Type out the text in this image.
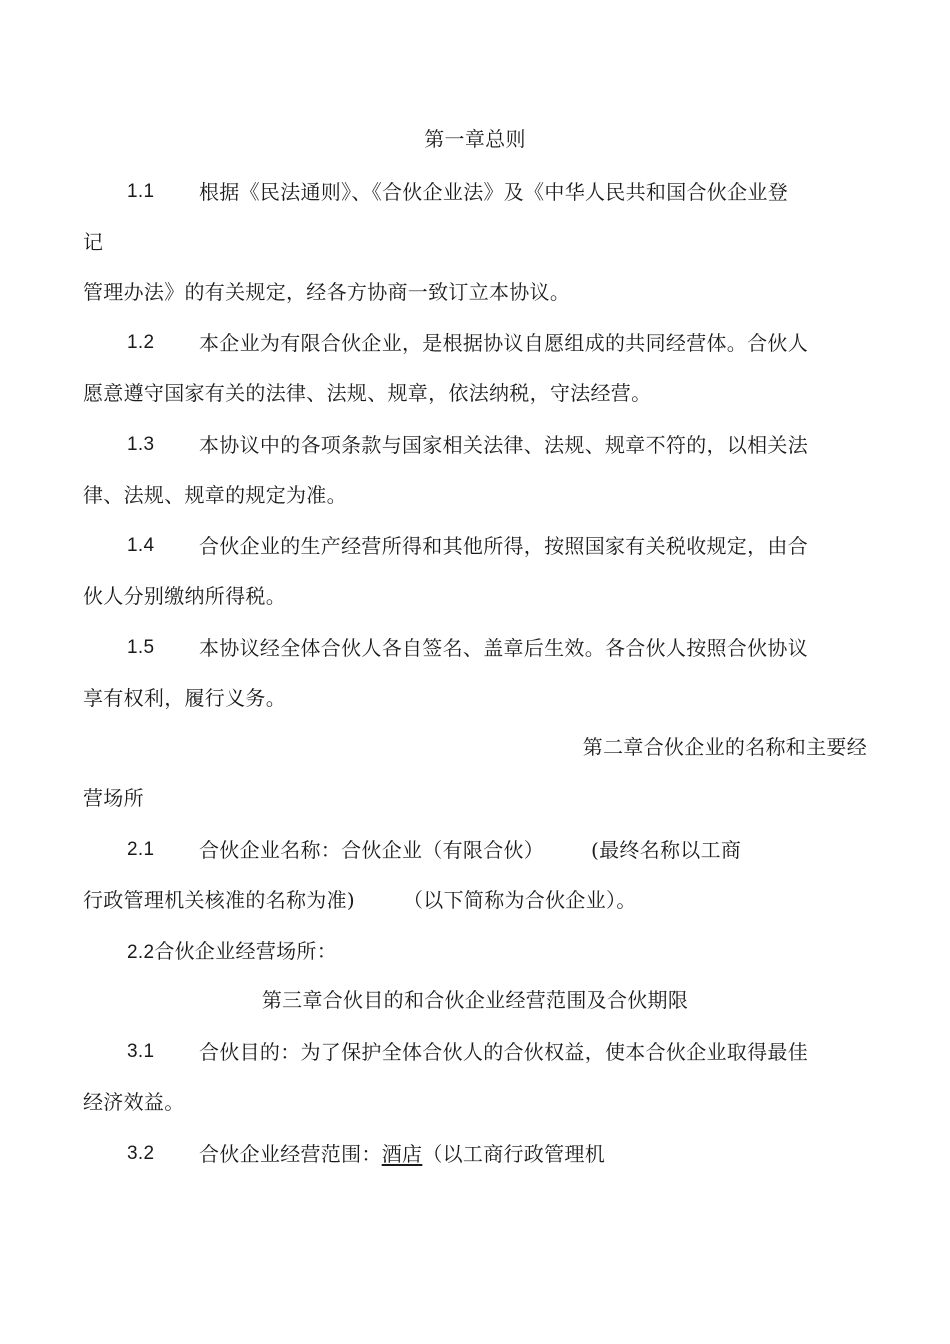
第一章总则
1.1 根据《民法通则》、《合伙企业法》及《中华人民共和国合伙企业登
记
管理办法》的有关规定，经各方协商一致订立本协议。
1.2 本企业为有限合伙企业，是根据协议自愿组成的共同经营体。合伙人
愿意遵守国家有关的法律、法规、规章，依法纳税，守法经营。
1.3 本协议中的各项条款与国家相关法律、法规、规章不符的，以相关法
律、法规、规章的规定为准。
1.4 合伙企业的生产经营所得和其他所得，按照国家有关税收规定，由合
伙人分别缴纳所得税。
1.5 本协议经全体合伙人各自签名、盖章后生效。各合伙人按照合伙协议
享有权利，履行义务。
第二章合伙企业的名称和主要经
营场所
2.1 合伙企业名称：合伙企业（有限合伙） (最终名称以工商
行政管理机关核准的名称为准) （以下简称为合伙企业）。
2.2合伙企业经营场所：
第三章合伙目的和合伙企业经营范围及合伙期限
3.1 合伙目的：为了保护全体合伙人的合伙权益，使本合伙企业取得最佳
经济效益。
3.2 合伙企业经营范围：酒店（以工商行政管理机
